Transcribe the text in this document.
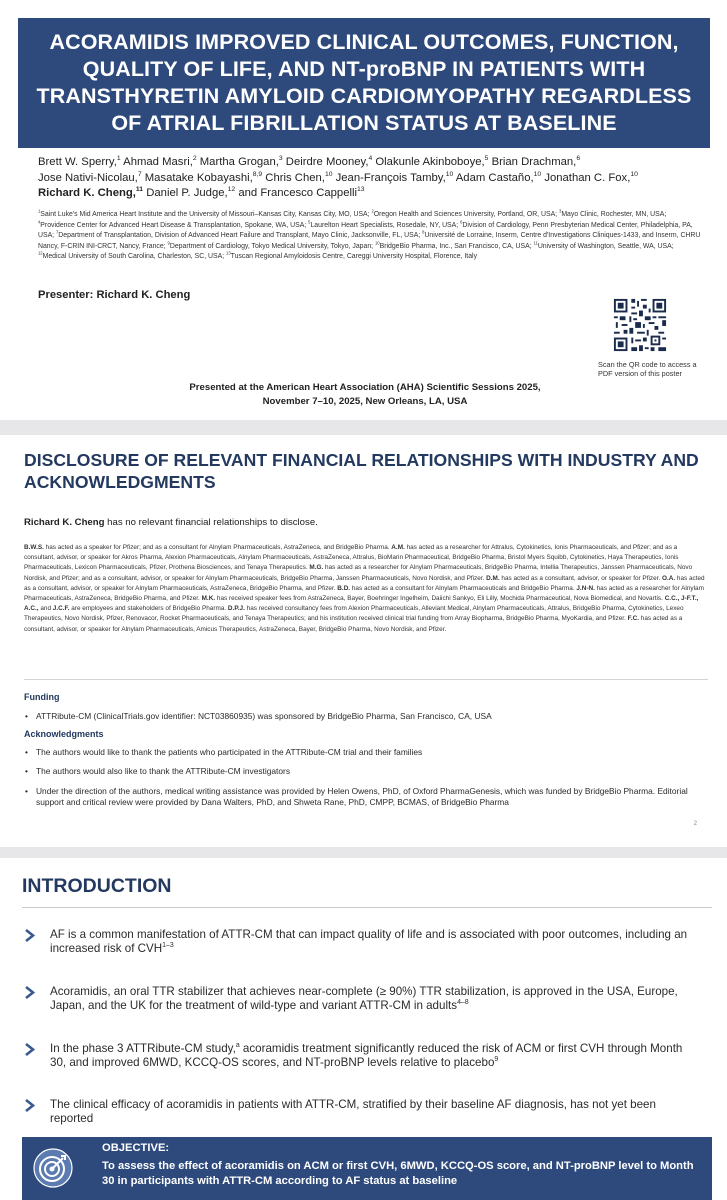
ACORAMIDIS IMPROVED CLINICAL OUTCOMES, FUNCTION, QUALITY OF LIFE, AND NT-proBNP IN PATIENTS WITH TRANSTHYRETIN AMYLOID CARDIOMYOPATHY REGARDLESS OF ATRIAL FIBRILLATION STATUS AT BASELINE
Brett W. Sperry,$^1$ Ahmad Masri,$^2$ Martha Grogan,$^3$ Deirdre Mooney,$^4$ Olakunle Akinboboye,$^5$ Brian Drachman,$^6$
Jose Nativi-Nicolau,$^7$ Masatake Kobayashi,$^{8,9}$ Chris Chen,$^{10}$ Jean-François Tamby,$^{10}$ Adam Castaño,$^{10}$ Jonathan C. Fox,$^{10}$
Richard K. Cheng,$^{11}$ Daniel P. Judge,$^{12}$ and Francesco Cappelli$^{13}$
$^1$Saint Luke's Mid America Heart Institute and the University of Missouri–Kansas City, Kansas City, MO, USA; $^2$Oregon Health and Sciences University, Portland, OR, USA; $^3$Mayo Clinic, Rochester, MN, USA; $^4$Providence Center for Advanced Heart Disease & Transplantation, Spokane, WA, USA; $^5$Laurelton Heart Specialists, Rosedale, NY, USA; $^6$Division of Cardiology, Penn Presbyterian Medical Center, Philadelphia, PA, USA; $^7$Department of Transplantation, Division of Advanced Heart Failure and Transplant, Mayo Clinic, Jacksonville, FL, USA; $^8$Université de Lorraine, Inserm, Centre d'Investigations Cliniques-1433, and Inserm, CHRU Nancy, F-CRIN INI-CRCT, Nancy, France; $^9$Department of Cardiology, Tokyo Medical University, Tokyo, Japan; $^{10}$BridgeBio Pharma, Inc., San Francisco, CA, USA; $^{11}$University of Washington, Seattle, WA, USA; $^{12}$Medical University of South Carolina, Charleston, SC, USA; $^{13}$Tuscan Regional Amyloidosis Centre, Careggi University Hospital, Florence, Italy
Presenter: Richard K. Cheng
Scan the QR code to access a PDF version of this poster
Presented at the American Heart Association (AHA) Scientific Sessions 2025,
November 7–10, 2025, New Orleans, LA, USA
DISCLOSURE OF RELEVANT FINANCIAL RELATIONSHIPS WITH INDUSTRY AND ACKNOWLEDGMENTS
Richard K. Cheng has no relevant financial relationships to disclose.
B.W.S. has acted as a speaker for Pfizer; and as a consultant for Alnylam Pharmaceuticals, AstraZeneca, and BridgeBio Pharma. A.M. has acted as a researcher for Attralus, Cytokinetics, Ionis Pharmaceuticals, and Pfizer; and as a consultant, advisor, or speaker for Akros Pharma, Alexion Pharmaceuticals, Alnylam Pharmaceuticals, AstraZeneca, Attralus, BioMarin Pharmaceutical, BridgeBio Pharma, Bristol Myers Squibb, Cytokinetics, Haya Therapeutics, Ionis Pharmaceuticals, Lexicon Pharmaceuticals, Pfizer, Prothena Biosciences, and Tenaya Therapeutics. M.G. has acted as a researcher for Alnylam Pharmaceuticals, BridgeBio Pharma, Intellia Therapeutics, Janssen Pharmaceuticals, Novo Nordisk, and Pfizer; and as a consultant, advisor, or speaker for Alnylam Pharmaceuticals, BridgeBio Pharma, Janssen Pharmaceuticals, Novo Nordisk, and Pfizer. D.M. has acted as a consultant, advisor, or speaker for Pfizer. O.A. has acted as a consultant, advisor, or speaker for Alnylam Pharmaceuticals, AstraZeneca, BridgeBio Pharma, and Pfizer. B.D. has acted as a consultant for Alnylam Pharmaceuticals and BridgeBio Pharma. J.N-N. has acted as a researcher for Alnylam Pharmaceuticals, AstraZeneca, BridgeBio Pharma, and Pfizer. M.K. has received speaker fees from AstraZeneca, Bayer, Boehringer Ingelheim, Daiichi Sankyo, Eli Lilly, Mochida Pharmaceutical, Nova Biomedical, and Novartis. C.C., J-F.T., A.C., and J.C.F. are employees and stakeholders of BridgeBio Pharma. D.P.J. has received consultancy fees from Alexion Pharmaceuticals, Alleviant Medical, Alnylam Pharmaceuticals, Attralus, BridgeBio Pharma, Cytokinetics, Lexeo Therapeutics, Novo Nordisk, Pfizer, Renovacor, Rocket Pharmaceuticals, and Tenaya Therapeutics; and his institution received clinical trial funding from Array Biopharma, BridgeBio Pharma, MyoKardia, and Pfizer. F.C. has acted as a consultant, advisor, or speaker for Alnylam Pharmaceuticals, Amicus Therapeutics, AstraZeneca, Bayer, BridgeBio Pharma, Novo Nordisk, and Pfizer.
Funding
• ATTRibute-CM (ClinicalTrials.gov identifier: NCT03860935) was sponsored by BridgeBio Pharma, San Francisco, CA, USA
Acknowledgments
• The authors would like to thank the patients who participated in the ATTRibute-CM trial and their families
• The authors would also like to thank the ATTRibute-CM investigators
• Under the direction of the authors, medical writing assistance was provided by Helen Owens, PhD, of Oxford PharmaGenesis, which was funded by BridgeBio Pharma. Editorial support and critical review were provided by Dana Walters, PhD, and Shweta Rane, PhD, CMPP, BCMAS, of BridgeBio Pharma
2
INTRODUCTION
AF is a common manifestation of ATTR-CM that can impact quality of life and is associated with poor outcomes, including an increased risk of CVH$^{1-3}$
Acoramidis, an oral TTR stabilizer that achieves near-complete (≥ 90%) TTR stabilization, is approved in the USA, Europe, Japan, and the UK for the treatment of wild-type and variant ATTR-CM in adults$^{4-8}$
In the phase 3 ATTRibute-CM study,$^a$ acoramidis treatment significantly reduced the risk of ACM or first CVH through Month 30, and improved 6MWD, KCCQ-OS scores, and NT-proBNP levels relative to placebo$^9$
The clinical efficacy of acoramidis in patients with ATTR-CM, stratified by their baseline AF diagnosis, has not yet been reported
OBJECTIVE:
To assess the effect of acoramidis on ACM or first CVH, 6MWD, KCCQ-OS score, and NT-proBNP level to Month 30 in participants with ATTR-CM according to AF status at baseline
